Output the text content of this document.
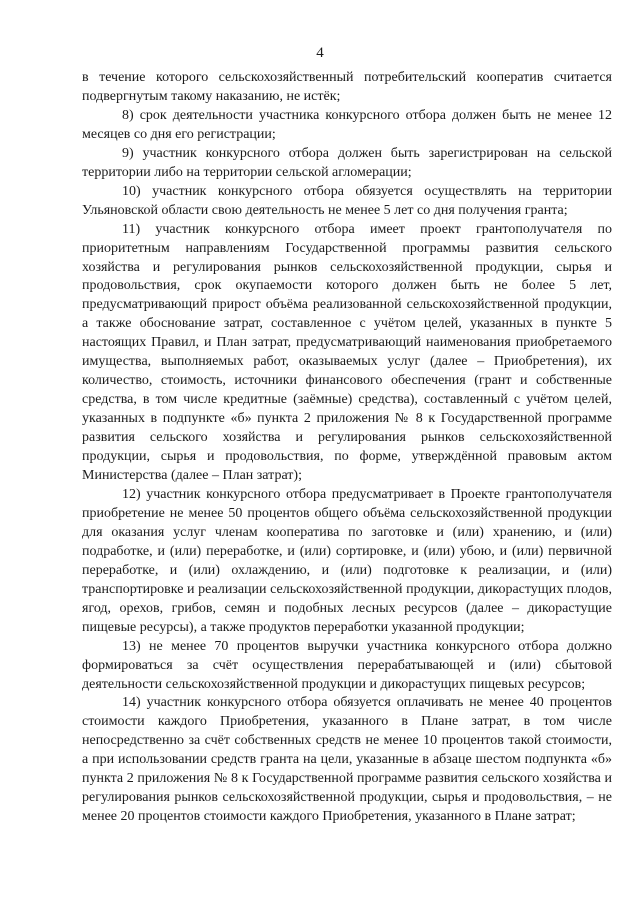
4

в течение которого сельскохозяйственный потребительский кооператив считается подвергнутым такому наказанию, не истёк;

8) срок деятельности участника конкурсного отбора должен быть не менее 12 месяцев со дня его регистрации;

9) участник конкурсного отбора должен быть зарегистрирован на сельской территории либо на территории сельской агломерации;

10) участник конкурсного отбора обязуется осуществлять на территории Ульяновской области свою деятельность не менее 5 лет со дня получения гранта;

11) участник конкурсного отбора имеет проект грантополучателя по приоритетным направлениям Государственной программы развития сельского хозяйства и регулирования рынков сельскохозяйственной продукции, сырья и продовольствия, срок окупаемости которого должен быть не более 5 лет, предусматривающий прирост объёма реализованной сельскохозяйственной продукции, а также обоснование затрат, составленное с учётом целей, указанных в пункте 5 настоящих Правил, и План затрат, предусматривающий наименования приобретаемого имущества, выполняемых работ, оказываемых услуг (далее – Приобретения), их количество, стоимость, источники финансового обеспечения (грант и собственные средства, в том числе кредитные (заёмные) средства), составленный с учётом целей, указанных в подпункте «б» пункта 2 приложения № 8 к Государственной программе развития сельского хозяйства и регулирования рынков сельскохозяйственной продукции, сырья и продовольствия, по форме, утверждённой правовым актом Министерства (далее – План затрат);

12) участник конкурсного отбора предусматривает в Проекте грантополучателя приобретение не менее 50 процентов общего объёма сельскохозяйственной продукции для оказания услуг членам кооператива по заготовке и (или) хранению, и (или) подработке, и (или) переработке, и (или) сортировке, и (или) убою, и (или) первичной переработке, и (или) охлаждению, и (или) подготовке к реализации, и (или) транспортировке и реализации сельскохозяйственной продукции, дикорастущих плодов, ягод, орехов, грибов, семян и подобных лесных ресурсов (далее – дикорастущие пищевые ресурсы), а также продуктов переработки указанной продукции;

13) не менее 70 процентов выручки участника конкурсного отбора должно формироваться за счёт осуществления перерабатывающей и (или) сбытовой деятельности сельскохозяйственной продукции и дикорастущих пищевых ресурсов;

14) участник конкурсного отбора обязуется оплачивать не менее 40 процентов стоимости каждого Приобретения, указанного в Плане затрат, в том числе непосредственно за счёт собственных средств не менее 10 процентов такой стоимости, а при использовании средств гранта на цели, указанные в абзаце шестом подпункта «б» пункта 2 приложения № 8 к Государственной программе развития сельского хозяйства и регулирования рынков сельскохозяйственной продукции, сырья и продовольствия, – не менее 20 процентов стоимости каждого Приобретения, указанного в Плане затрат;
